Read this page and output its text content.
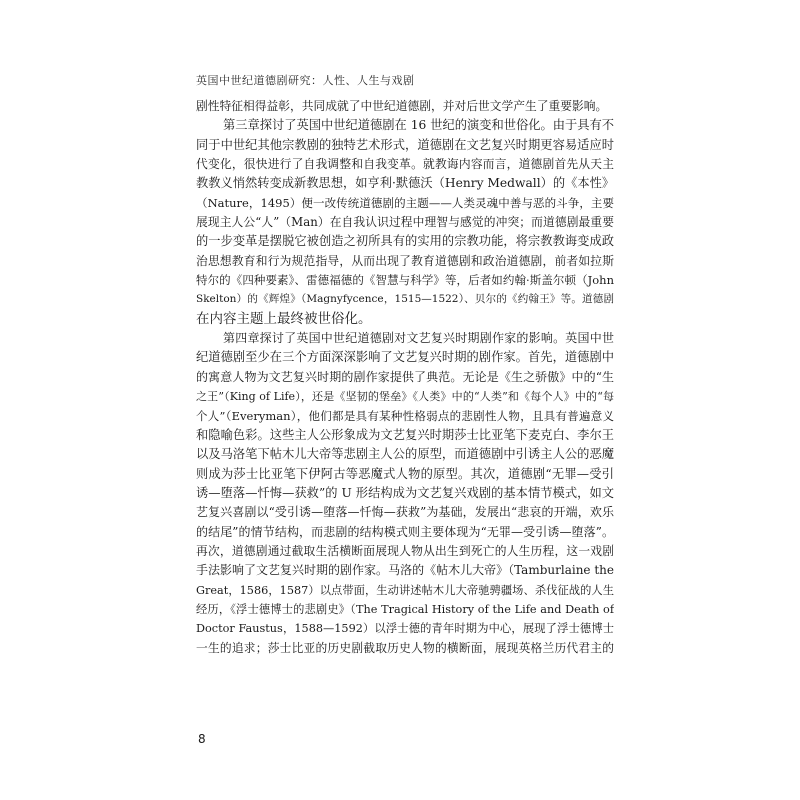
英国中世纪道德剧研究：人性、人生与戏剧
剧性特征相得益彰，共同成就了中世纪道德剧，并对后世文学产生了重要影响。
第三章探讨了英国中世纪道德剧在 16 世纪的演变和世俗化。由于具有不
同于中世纪其他宗教剧的独特艺术形式，道德剧在文艺复兴时期更容易适应时
代变化，很快进行了自我调整和自我变革。就教诲内容而言，道德剧首先从天主
教教义悄然转变成新教思想，如亨利·默德沃（Henry Medwall）的《本性》
（Nature，1495）便一改传统道德剧的主题——人类灵魂中善与恶的斗争，主要
展现主人公“人”（Man）在自我认识过程中理智与感觉的冲突；而道德剧最重要
的一步变革是摆脱它被创造之初所具有的实用的宗教功能，将宗教教诲变成政
治思想教育和行为规范指导，从而出现了教育道德剧和政治道德剧，前者如拉斯
特尔的《四种要素》、雷德福德的《智慧与科学》等，后者如约翰·斯盖尔顿（John
Skelton）的《辉煌》（Magnyfycence，1515—1522）、贝尔的《约翰王》等。道德剧
在内容主题上最终被世俗化。
第四章探讨了英国中世纪道德剧对文艺复兴时期剧作家的影响。英国中世
纪道德剧至少在三个方面深深影响了文艺复兴时期的剧作家。首先，道德剧中
的寓意人物为文艺复兴时期的剧作家提供了典范。无论是《生之骄傲》中的“生
之王”（King of Life），还是《坚韧的堡垒》《人类》中的“人类”和《每个人》中的“每
个人”（Everyman），他们都是具有某种性格弱点的悲剧性人物，且具有普遍意义
和隐喻色彩。这些主人公形象成为文艺复兴时期莎士比亚笔下麦克白、李尔王
以及马洛笔下帖木儿大帝等悲剧主人公的原型，而道德剧中引诱主人公的恶魔
则成为莎士比亚笔下伊阿古等恶魔式人物的原型。其次，道德剧“无罪—受引
诱—堕落—忏悔—获救”的 U 形结构成为文艺复兴戏剧的基本情节模式，如文
艺复兴喜剧以“受引诱—堕落—忏悔—获救”为基础，发展出“悲哀的开端，欢乐
的结尾”的情节结构，而悲剧的结构模式则主要体现为“无罪—受引诱—堕落”。
再次，道德剧通过截取生活横断面展现人物从出生到死亡的人生历程，这一戏剧
手法影响了文艺复兴时期的剧作家。马洛的《帖木儿大帝》（Tamburlaine the
Great，1586，1587）以点带面，生动讲述帖木儿大帝驰骋疆场、杀伐征战的人生
经历，《浮士德博士的悲剧史》（The Tragical History of the Life and Death of
Doctor Faustus，1588—1592）以浮士德的青年时期为中心，展现了浮士德博士
一生的追求；莎士比亚的历史剧截取历史人物的横断面，展现英格兰历代君主的
8
